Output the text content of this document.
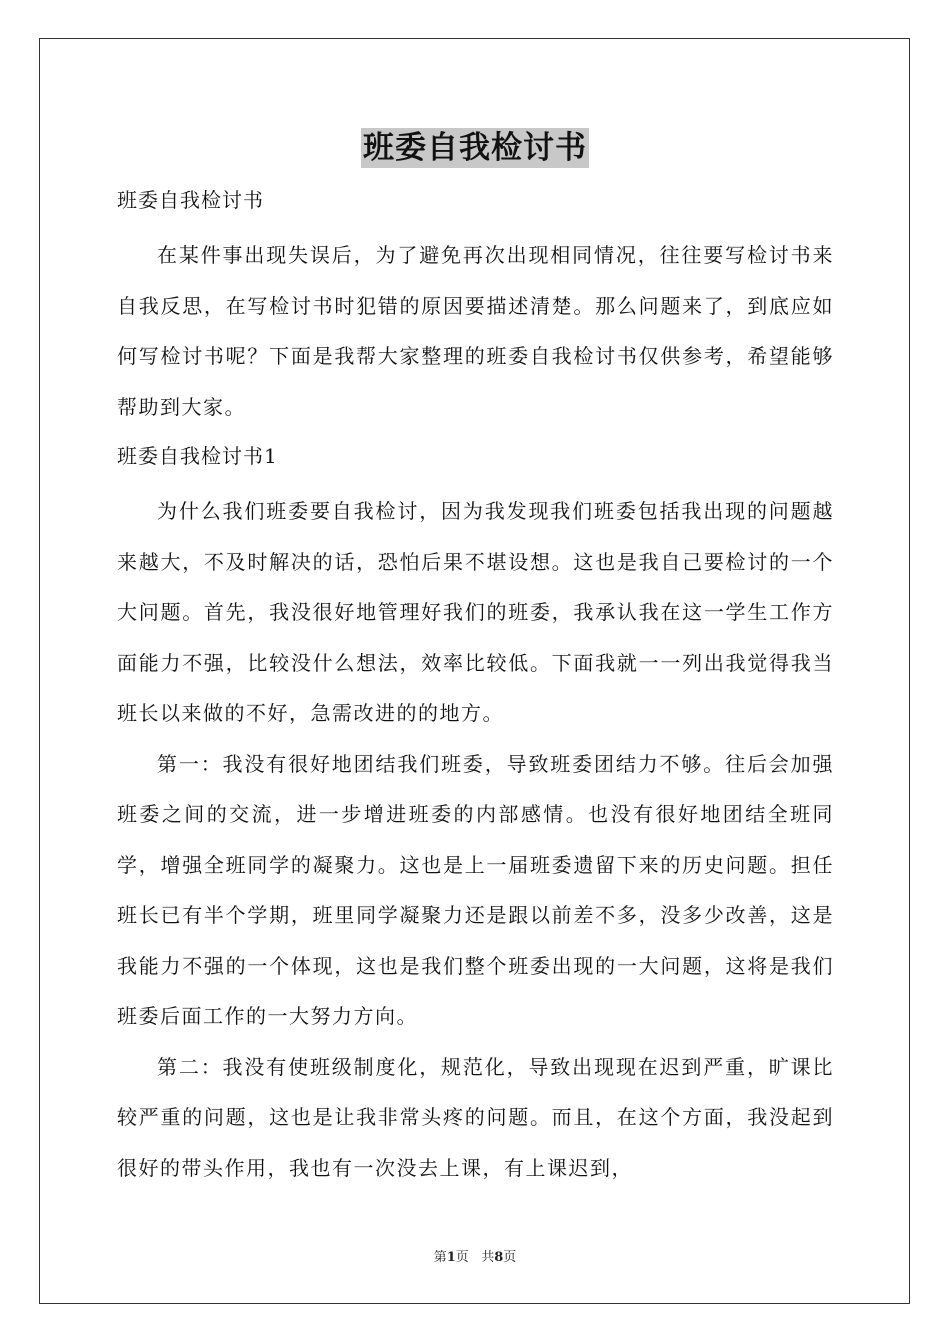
班委自我检讨书
班委自我检讨书

在某件事出现失误后，为了避免再次出现相同情况，往往要写检讨书来自我反思，在写检讨书时犯错的原因要描述清楚。那么问题来了，到底应如何写检讨书呢？下面是我帮大家整理的班委自我检讨书仅供参考，希望能够帮助到大家。

班委自我检讨书1

为什么我们班委要自我检讨，因为我发现我们班委包括我出现的问题越来越大，不及时解决的话，恐怕后果不堪设想。这也是我自己要检讨的一个大问题。首先，我没很好地管理好我们的班委，我承认我在这一学生工作方面能力不强，比较没什么想法，效率比较低。下面我就一一列出我觉得我当班长以来做的不好，急需改进的的地方。

第一：我没有很好地团结我们班委，导致班委团结力不够。往后会加强班委之间的交流，进一步增进班委的内部感情。也没有很好地团结全班同学，增强全班同学的凝聚力。这也是上一届班委遗留下来的历史问题。担任班长已有半个学期，班里同学凝聚力还是跟以前差不多，没多少改善，这是我能力不强的一个体现，这也是我们整个班委出现的一大问题，这将是我们班委后面工作的一大努力方向。

第二：我没有使班级制度化，规范化，导致出现现在迟到严重，旷课比较严重的问题，这也是让我非常头疼的问题。而且，在这个方面，我没起到很好的带头作用，我也有一次没去上课，有上课迟到，

第1页 共8页
